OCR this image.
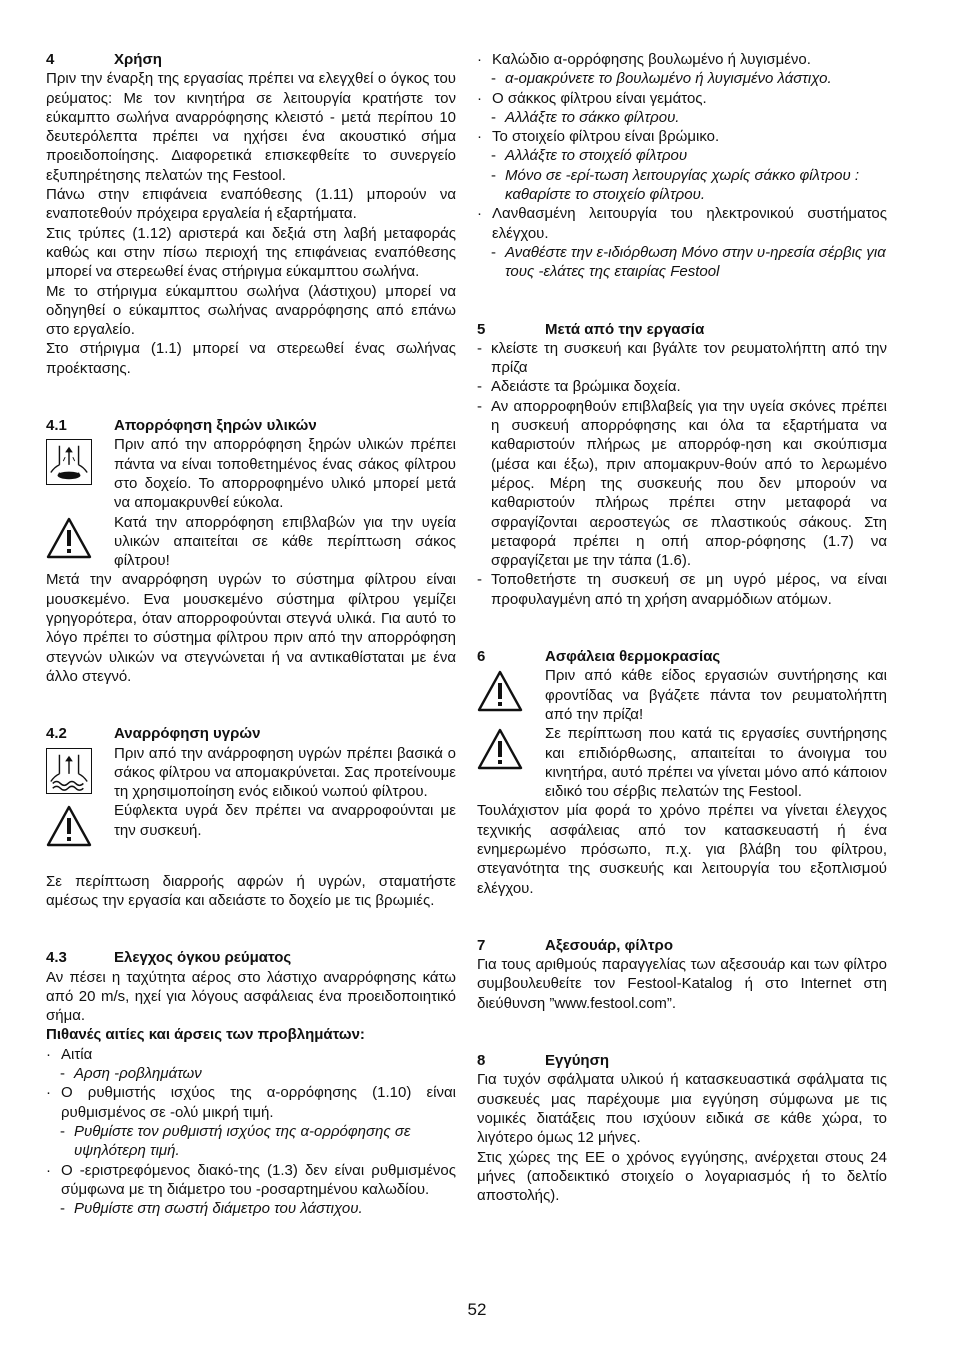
4	Χρήση

Πριν την έναρξη της εργασίας πρέπει να ελεγχθεί ο όγκος του ρεύματος: Με τον κινητήρα σε λειτουργία κρατήστε τον εύκαμπτο σωλήνα αναρρόφησης κλειστό - μετά περίπου 10 δευτερόλεπτα πρέπει να ηχήσει ένα ακουστικό σήμα προειδοποίησης. Διαφορετικά επισκεφθείτε το συνεργείο εξυπηρέτησης πελατών της Festool.

Πάνω στην επιφάνεια εναπόθεσης (1.11) μπορούν να εναποτεθούν πρόχειρα εργαλεία ή εξαρτήματα.

Στις τρύπες (1.12) αριστερά και δεξιά στη λαβή μεταφοράς καθώς και στην πίσω περιοχή της επιφάνειας εναπόθεσης μπορεί να στερεωθεί ένας στήριγμα εύκαμπτου σωλήνα.

Με το στήριγμα εύκαμπτου σωλήνα (λάστιχου) μπορεί να οδηγηθεί ο εύκαμπτος σωλήνας αναρρόφησης από επάνω στο εργαλείο.

Στο στήριγμα (1.1) μπορεί να στερεωθεί ένας σωλήνας προέκτασης.

4.1	Απορρόφηση ξηρών υλικών

Πριν από την απορρόφηση ξηρών υλικών πρέπει πάντα να είναι τοποθετημένος ένας σάκος φίλτρου στο δοχείο. Το απορροφημένο υλικό μπορεί μετά να απομακρυνθεί εύκολα.

Κατά την απορρόφηση επιβλαβών για την υγεία υλικών απαιτείται σε κάθε περίπτωση σάκος φίλτρου!

Μετά την αναρρόφηση υγρών το σύστημα φίλτρου είναι μουσκεμένο. Ενα μουσκεμένο σύστημα φίλτρου γεμίζει γρηγορότερα, όταν απορροφούνται στεγνά υλικά. Για αυτό το λόγο πρέπει το σύστημα φίλτρου πριν από την απορρόφηση στεγνών υλικών να στεγνώνεται ή να αντικαθίσταται με ένα άλλο στεγνό.

4.2	Αναρρόφηση υγρών

Πριν από την ανάρροφηση υγρών πρέπει βασικά ο σάκος φίλτρου να απομακρύνεται. Σας προτείνουμε τη χρησιμοποίηση ενός ειδικού νωπού φίλτρου.

Εύφλεκτα υγρά δεν πρέπει να αναρροφούνται με την συσκευή.

Σε περίπτωση διαρροής αφρών ή υγρών, σταματήστε αμέσως την εργασία και αδειάστε το δοχείο με τις βρωμιές.

4.3	Ελεγχος όγκου ρεύματος

Αν πέσει η ταχύτητα αέρος στο λάστιχο αναρρόφησης κάτω από 20 m/s, ηχεί για λόγους ασφάλειας ένα προειδοποιητικό σήμα.

Πιθανές αιτίες και άρσεις των προβλημάτων:

· Αιτία
- Αρση -ροβλημάτων
· Ο ρυθμιστής ισχύος της α-ορρόφησης (1.10) είναι ρυθμισμένος σε -ολύ μικρή τιμή.
- Ρυθμίστε τον ρυθμιστή ισχύος της α-ορρόφησης σε υψηλότερη τιμή.
· Ο -εριστρεφόμενος διακό-της (1.3) δεν είναι ρυθμισμένος σύμφωνα με τη διάμετρο του -ροσαρτημένου καλωδίου.
- Ρυθμίστε στη σωστή διάμετρο του λάστιχου.
· Καλώδιο α-ορρόφησης βουλωμένο ή λυγισμένο.
- α-ομακρύνετε το βουλωμένο ή λυγισμένο λάστιχο.
· Ο σάκκος φίλτρου είναι γεμάτος.
- Αλλάξτε το σάκκο φίλτρου.
· Το στοιχείο φίλτρου είναι βρώμικο.
- Αλλάξτε το στοιχείό φίλτρου
- Μόνο σε -ερί-τωση λειτουργίας χωρίς σάκκο φίλτρου : καθαρίστε το στοιχείο φίλτρου.
· Λανθασμένη λειτουργία του ηλεκτρονικού συστήματος ελέγχου.
- Αναθέστε την ε-ιδιόρθωση Μόνο στην υ-ηρεσία σέρβις για τους -ελάτες της εταιρίας Festool
5	Μετά από την εργασία
- κλείστε τη συσκευή και βγάλτε τον ρευματολήπτη από την πρίζα
- Αδειάστε τα βρώμικα δοχεία.
- Αν απορροφηθούν επιβλαβείς για την υγεία σκόνες πρέπει η συσκευή απορρόφησης και όλα τα εξαρτήματα να καθαριστούν πλήρως με απορρόφ-ηση και σκούπισμα (μέσα και έξω), πριν απομακρυν-θούν από το λερωμένο μέρος. Μέρη της συσκευής που δεν μπορούν να καθαριστούν πλήρως πρέπει στην μεταφορά να σφραγίζονται αεροστεγώς σε πλαστικούς σάκους. Στη μεταφορά πρέπει η οπή απορ-ρόφησης (1.7) να σφραγίζεται με την τάπα (1.6).
- Τοποθετήστε τη συσκευή σε μη υγρό μέρος, να είναι προφυλαγμένη από τη χρήση αναρμόδιων ατόμων.
6	Ασφάλεια θερμοκρασίας

Πριν από κάθε είδος εργασιών συντήρησης και φροντίδας να βγάζετε πάντα τον ρευματολήπτη από την πρίζα!

Σε περίπτωση που κατά τις εργασίες συντήρησης και επιδιόρθωσης, απαιτείται το άνοιγμα του κινητήρα, αυτό πρέπει να γίνεται μόνο από κάποιον ειδικό του σέρβις πελατών της Festool.

Τουλάχιστον μία φορά το χρόνο πρέπει να γίνεται έλεγχος τεχνικής ασφάλειας από τον κατασκευαστή ή ένα ενημερωμένο πρόσωπο, π.χ. για βλάβη του φίλτρου, στεγανότητα της συσκευής και λειτουργία του εξοπλισμού ελέγχου.

7	Αξεσουάρ, φίλτρο

Για τους αριθμούς παραγγελίας των αξεσουάρ και των φίλτρο συμβουλευθείτε τον Festool-Katalog ή στο Internet στη διεύθυνση ”www.festool.com”.

8	Εγγύηση

Για τυχόν σφάλματα υλικού ή κατασκευαστικά σφάλματα τις συσκευές μας παρέχουμε μια εγγύηση σύμφωνα με τις νομικές διατάξεις που ισχύουν ειδικά σε κάθε χώρα, το λιγότερο όμως 12 μήνες.

Στις χώρες της ΕΕ ο χρόνος εγγύησης, ανέρχεται στους 24 μήνες (αποδεικτικό στοιχείο ο λογαριασμός ή το δελτίο αποστολής).

52
